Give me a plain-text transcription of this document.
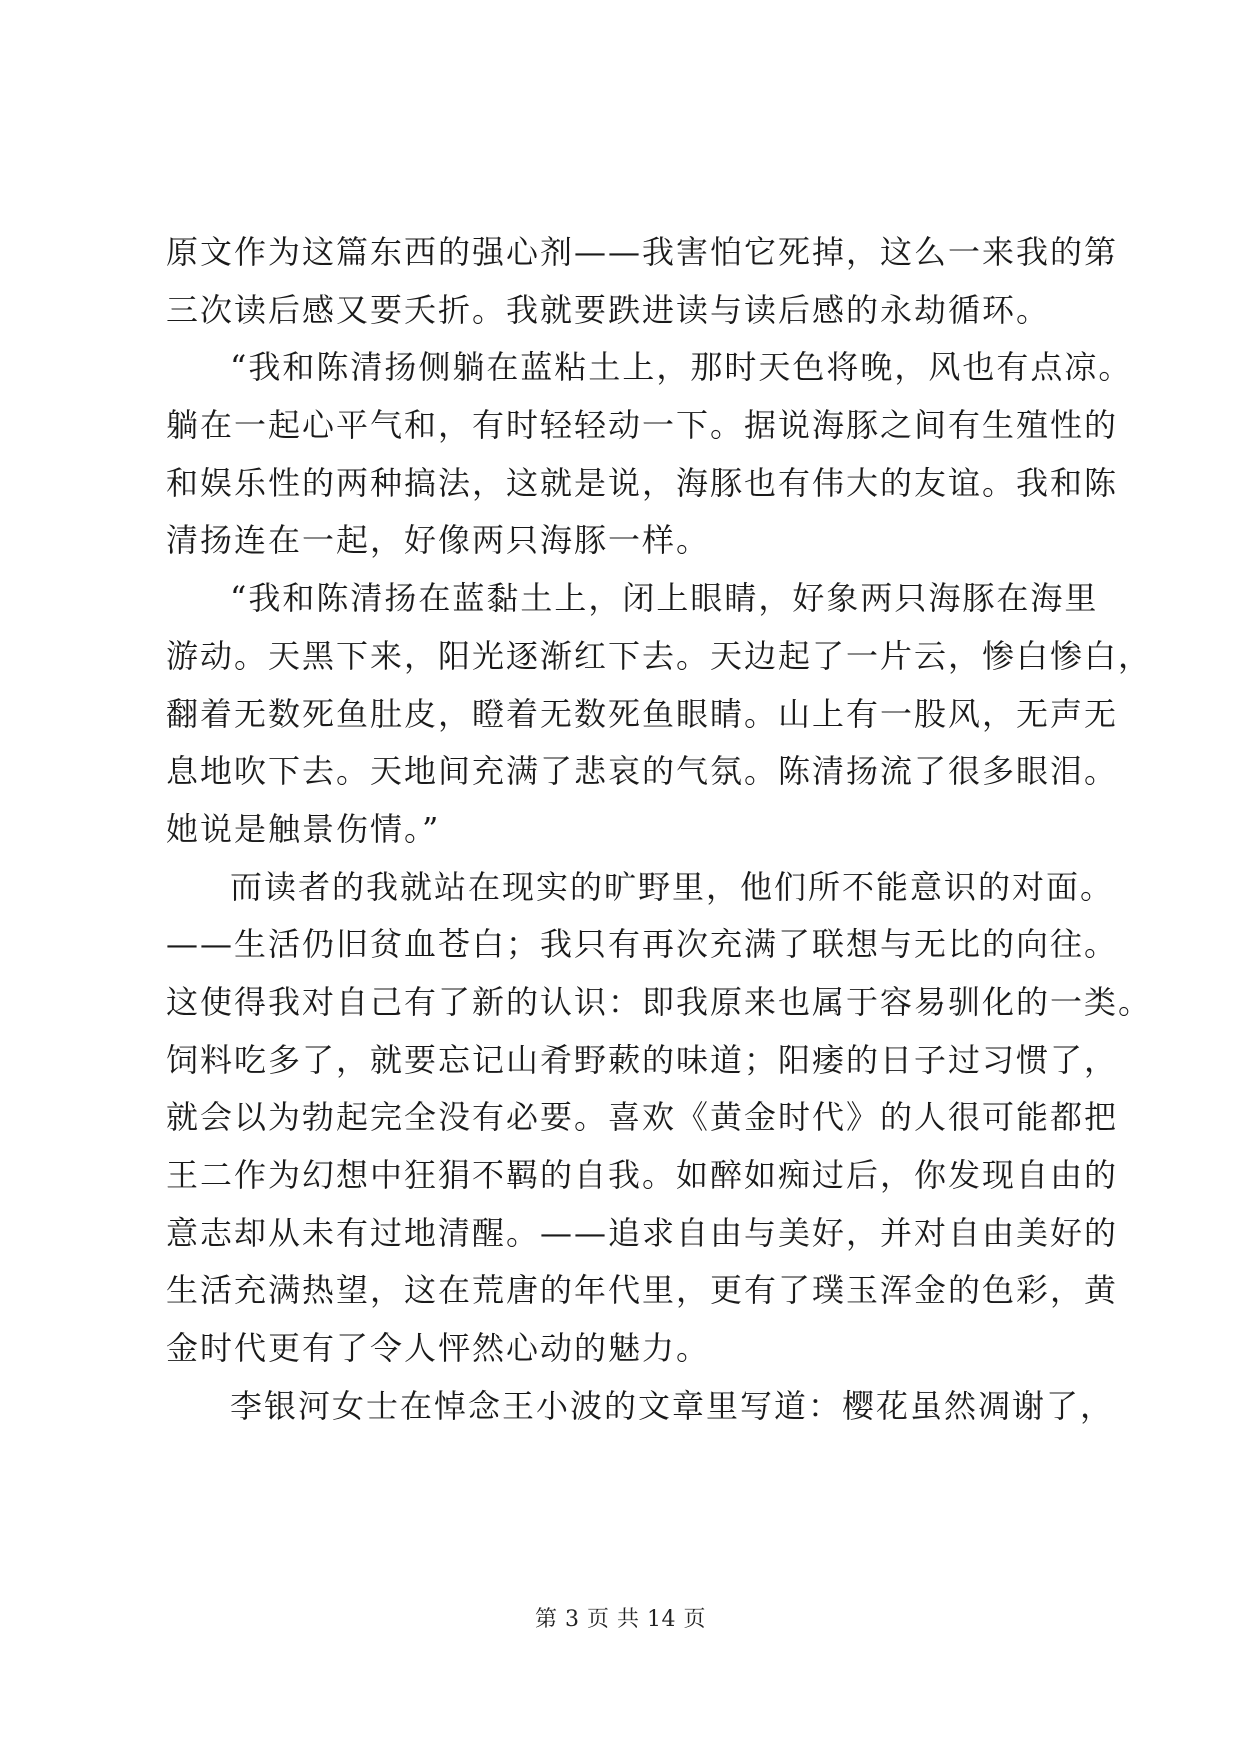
原文作为这篇东西的强心剂——我害怕它死掉，这么一来我的第
三次读后感又要夭折。我就要跌进读与读后感的永劫循环。
“我和陈清扬侧躺在蓝粘土上，那时天色将晚，风也有点凉。
躺在一起心平气和，有时轻轻动一下。据说海豚之间有生殖性的
和娱乐性的两种搞法，这就是说，海豚也有伟大的友谊。我和陈
清扬连在一起，好像两只海豚一样。
“我和陈清扬在蓝黏土上，闭上眼睛，好象两只海豚在海里
游动。天黑下来，阳光逐渐红下去。天边起了一片云，惨白惨白，
翻着无数死鱼肚皮，瞪着无数死鱼眼睛。山上有一股风，无声无
息地吹下去。天地间充满了悲哀的气氛。陈清扬流了很多眼泪。
她说是触景伤情。”
而读者的我就站在现实的旷野里，他们所不能意识的对面。
——生活仍旧贫血苍白；我只有再次充满了联想与无比的向往。
这使得我对自己有了新的认识：即我原来也属于容易驯化的一类。
饲料吃多了，就要忘记山肴野蔌的味道；阳痿的日子过习惯了，
就会以为勃起完全没有必要。喜欢《黄金时代》的人很可能都把
王二作为幻想中狂狷不羁的自我。如醉如痴过后，你发现自由的
意志却从未有过地清醒。——追求自由与美好，并对自由美好的
生活充满热望，这在荒唐的年代里，更有了璞玉浑金的色彩，黄
金时代更有了令人怦然心动的魅力。
李银河女士在悼念王小波的文章里写道：樱花虽然凋谢了，
第 3 页 共 14 页
